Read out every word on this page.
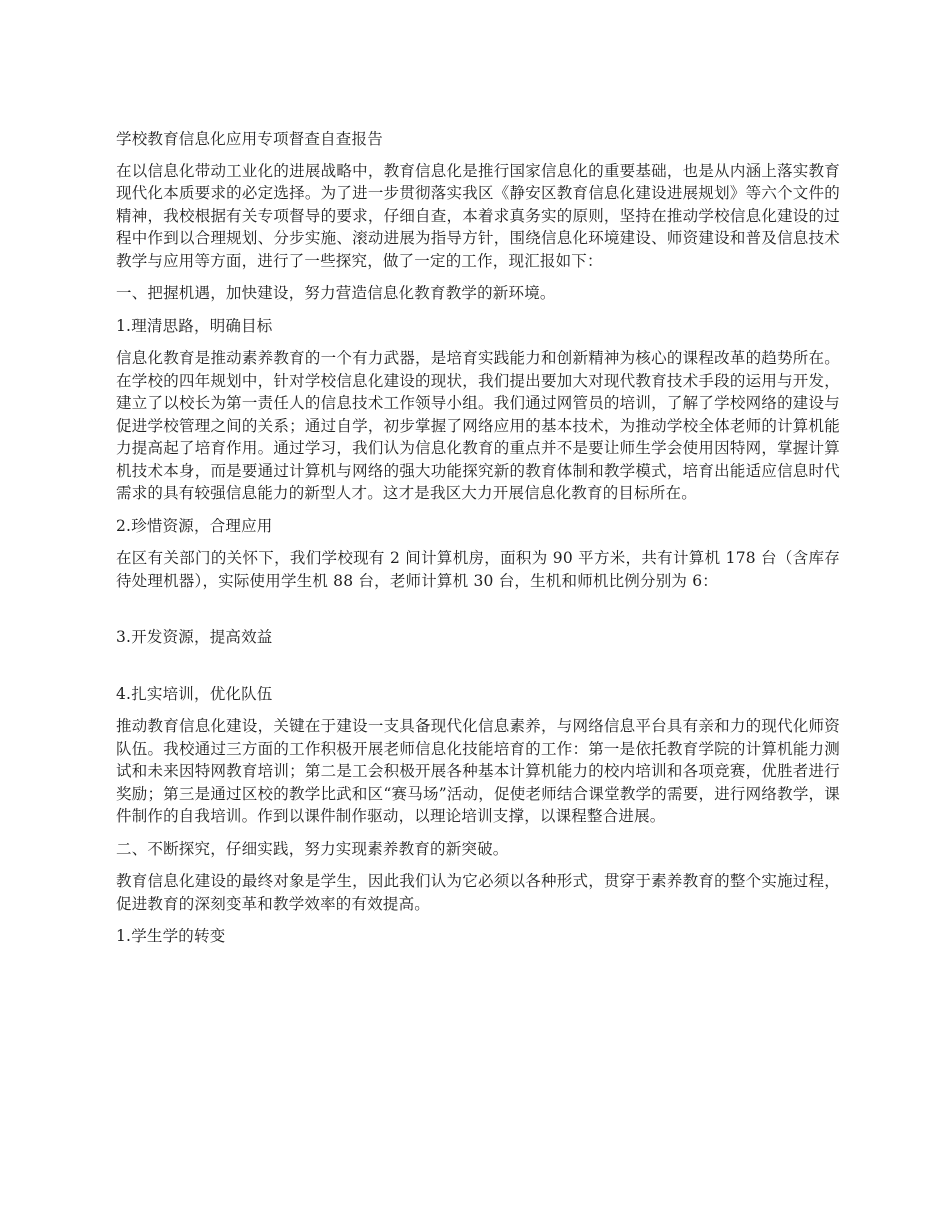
学校教育信息化应用专项督查自查报告

在以信息化带动工业化的进展战略中，教育信息化是推行国家信息化的重要基础，也是从内涵上落实教育现代化本质要求的必定选择。为了进一步贯彻落实我区《静安区教育信息化建设进展规划》等六个文件的精神，我校根据有关专项督导的要求，仔细自查，本着求真务实的原则，坚持在推动学校信息化建设的过程中作到以合理规划、分步实施、滚动进展为指导方针，围绕信息化环境建设、师资建设和普及信息技术教学与应用等方面，进行了一些探究，做了一定的工作，现汇报如下：

一、把握机遇，加快建设，努力营造信息化教育教学的新环境。

1.理清思路，明确目标

信息化教育是推动素养教育的一个有力武器，是培育实践能力和创新精神为核心的课程改革的趋势所在。在学校的四年规划中，针对学校信息化建设的现状，我们提出要加大对现代教育技术手段的运用与开发，建立了以校长为第一责任人的信息技术工作领导小组。我们通过网管员的培训，了解了学校网络的建设与促进学校管理之间的关系；通过自学，初步掌握了网络应用的基本技术，为推动学校全体老师的计算机能力提高起了培育作用。通过学习，我们认为信息化教育的重点并不是要让师生学会使用因特网，掌握计算机技术本身，而是要通过计算机与网络的强大功能探究新的教育体制和教学模式，培育出能适应信息时代需求的具有较强信息能力的新型人才。这才是我区大力开展信息化教育的目标所在。

2.珍惜资源，合理应用

在区有关部门的关怀下，我们学校现有 2 间计算机房，面积为 90 平方米，共有计算机 178 台（含库存待处理机器），实际使用学生机 88 台，老师计算机 30 台，生机和师机比例分别为 6：

3.开发资源，提高效益

4.扎实培训，优化队伍

推动教育信息化建设，关键在于建设一支具备现代化信息素养，与网络信息平台具有亲和力的现代化师资队伍。我校通过三方面的工作积极开展老师信息化技能培育的工作：第一是依托教育学院的计算机能力测试和未来因特网教育培训；第二是工会积极开展各种基本计算机能力的校内培训和各项竞赛，优胜者进行奖励；第三是通过区校的教学比武和区“赛马场”活动，促使老师结合课堂教学的需要，进行网络教学，课件制作的自我培训。作到以课件制作驱动，以理论培训支撑，以课程整合进展。

二、不断探究，仔细实践，努力实现素养教育的新突破。

教育信息化建设的最终对象是学生，因此我们认为它必须以各种形式，贯穿于素养教育的整个实施过程，促进教育的深刻变革和教学效率的有效提高。

1.学生学的转变
